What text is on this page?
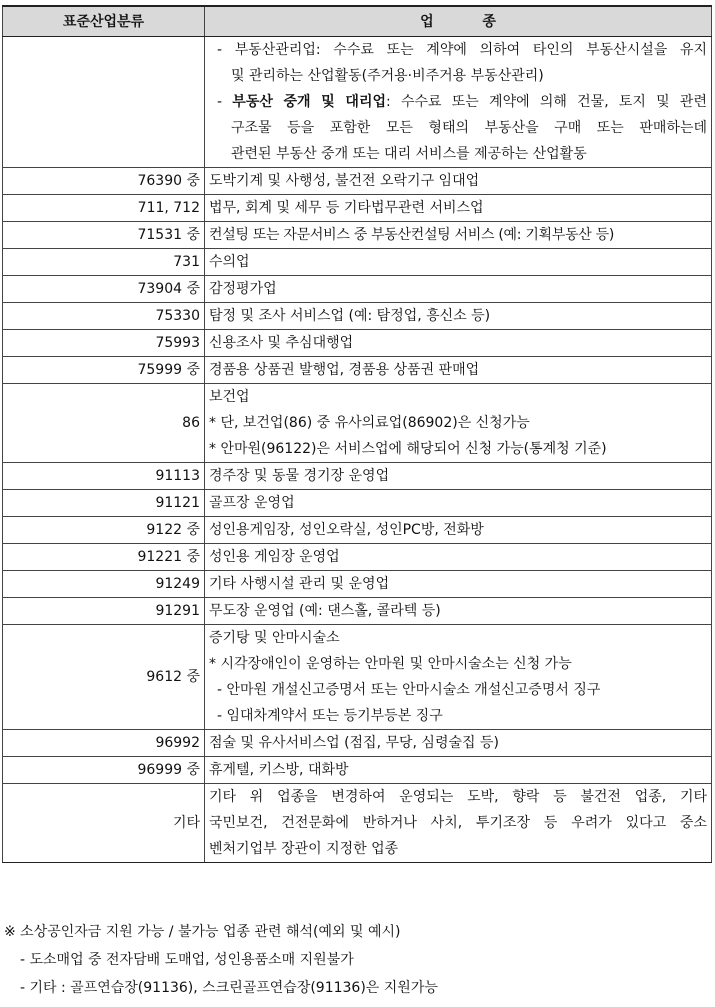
표준산업분류	업          종

	- 부동산관리업: 수수료 또는 계약에 의하여 타인의 부동산시설을 유지
및 관리하는 산업활동(주거용·비주거용 부동산관리)
- 부동산 중개 및 대리업: 수수료 또는 계약에 의해 건물, 토지 및 관련
구조물 등을 포함한 모든 형태의 부동산을 구매 또는 판매하는데
관련된 부동산 중개 또는 대리 서비스를 제공하는 산업활동

76390 중	도박기계 및 사행성, 불건전 오락기구 임대업
711, 712	법무, 회계 및 세무 등 기타법무관련 서비스업
71531 중	컨설팅 또는 자문서비스 중 부동산컨설팅 서비스 (예: 기획부동산 등)
731	수의업
73904 중	감정평가업
75330	탐정 및 조사 서비스업 (예: 탐정업, 흥신소 등)
75993	신용조사 및 추심대행업
75999 중	경품용 상품권 발행업, 경품용 상품권 판매업
86	보건업
* 단, 보건업(86) 중 유사의료업(86902)은 신청가능
* 안마원(96122)은 서비스업에 해당되어 신청 가능(통계청 기준)

91113	경주장 및 동물 경기장 운영업
91121	골프장 운영업
9122 중	성인용게임장, 성인오락실, 성인PC방, 전화방
91221 중	성인용 게임장 운영업
91249	기타 사행시설 관리 및 운영업
91291	무도장 운영업 (예: 댄스홀, 콜라텍 등)
9612 중	증기탕 및 안마시술소
* 시각장애인이 운영하는 안마원 및 안마시술소는 신청 가능
- 안마원 개설신고증명서 또는 안마시술소 개설신고증명서 징구
- 임대차계약서 또는 등기부등본 징구

96992	점술 및 유사서비스업 (점집, 무당, 심령술집 등)
96999 중	휴게텔, 키스방, 대화방
기타	기타 위 업종을 변경하여 운영되는 도박, 향락 등 불건전 업종, 기타
국민보건, 건전문화에 반하거나 사치, 투기조장 등 우려가 있다고 중소
벤처기업부 장관이 지정한 업종
※ 소상공인자금 지원 가능 / 불가능 업종 관련 해석(예외 및 예시)
- 도소매업 중 전자담배 도매업, 성인용품소매 지원불가
- 기타 : 골프연습장(91136), 스크린골프연습장(91136)은 지원가능
